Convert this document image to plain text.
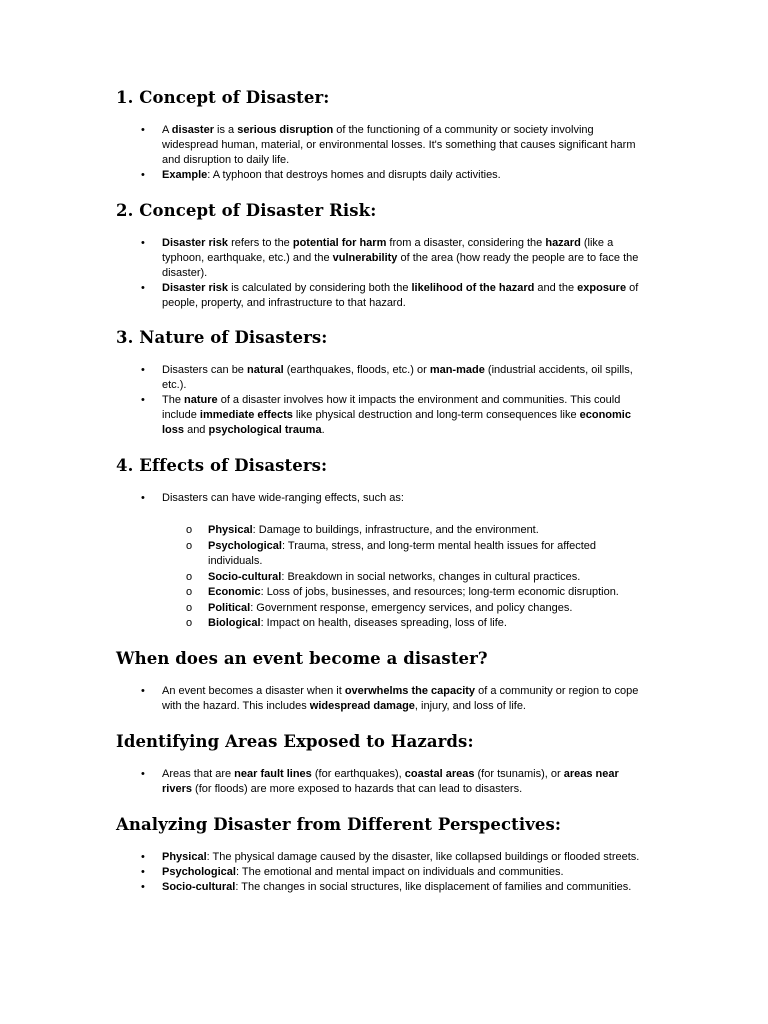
1. Concept of Disaster:
• A disaster is a serious disruption of the functioning of a community or society involving widespread human, material, or environmental losses. It's something that causes significant harm and disruption to daily life.
• Example: A typhoon that destroys homes and disrupts daily activities.
2. Concept of Disaster Risk:
• Disaster risk refers to the potential for harm from a disaster, considering the hazard (like a typhoon, earthquake, etc.) and the vulnerability of the area (how ready the people are to face the disaster).
• Disaster risk is calculated by considering both the likelihood of the hazard and the exposure of people, property, and infrastructure to that hazard.
3. Nature of Disasters:
• Disasters can be natural (earthquakes, floods, etc.) or man-made (industrial accidents, oil spills, etc.).
• The nature of a disaster involves how it impacts the environment and communities. This could include immediate effects like physical destruction and long-term consequences like economic loss and psychological trauma.
4. Effects of Disasters:
• Disasters can have wide-ranging effects, such as:
o Physical: Damage to buildings, infrastructure, and the environment.
o Psychological: Trauma, stress, and long-term mental health issues for affected individuals.
o Socio-cultural: Breakdown in social networks, changes in cultural practices.
o Economic: Loss of jobs, businesses, and resources; long-term economic disruption.
o Political: Government response, emergency services, and policy changes.
o Biological: Impact on health, diseases spreading, loss of life.
When does an event become a disaster?
• An event becomes a disaster when it overwhelms the capacity of a community or region to cope with the hazard. This includes widespread damage, injury, and loss of life.
Identifying Areas Exposed to Hazards:
• Areas that are near fault lines (for earthquakes), coastal areas (for tsunamis), or areas near rivers (for floods) are more exposed to hazards that can lead to disasters.
Analyzing Disaster from Different Perspectives:
• Physical: The physical damage caused by the disaster, like collapsed buildings or flooded streets.
• Psychological: The emotional and mental impact on individuals and communities.
• Socio-cultural: The changes in social structures, like displacement of families and communities.
